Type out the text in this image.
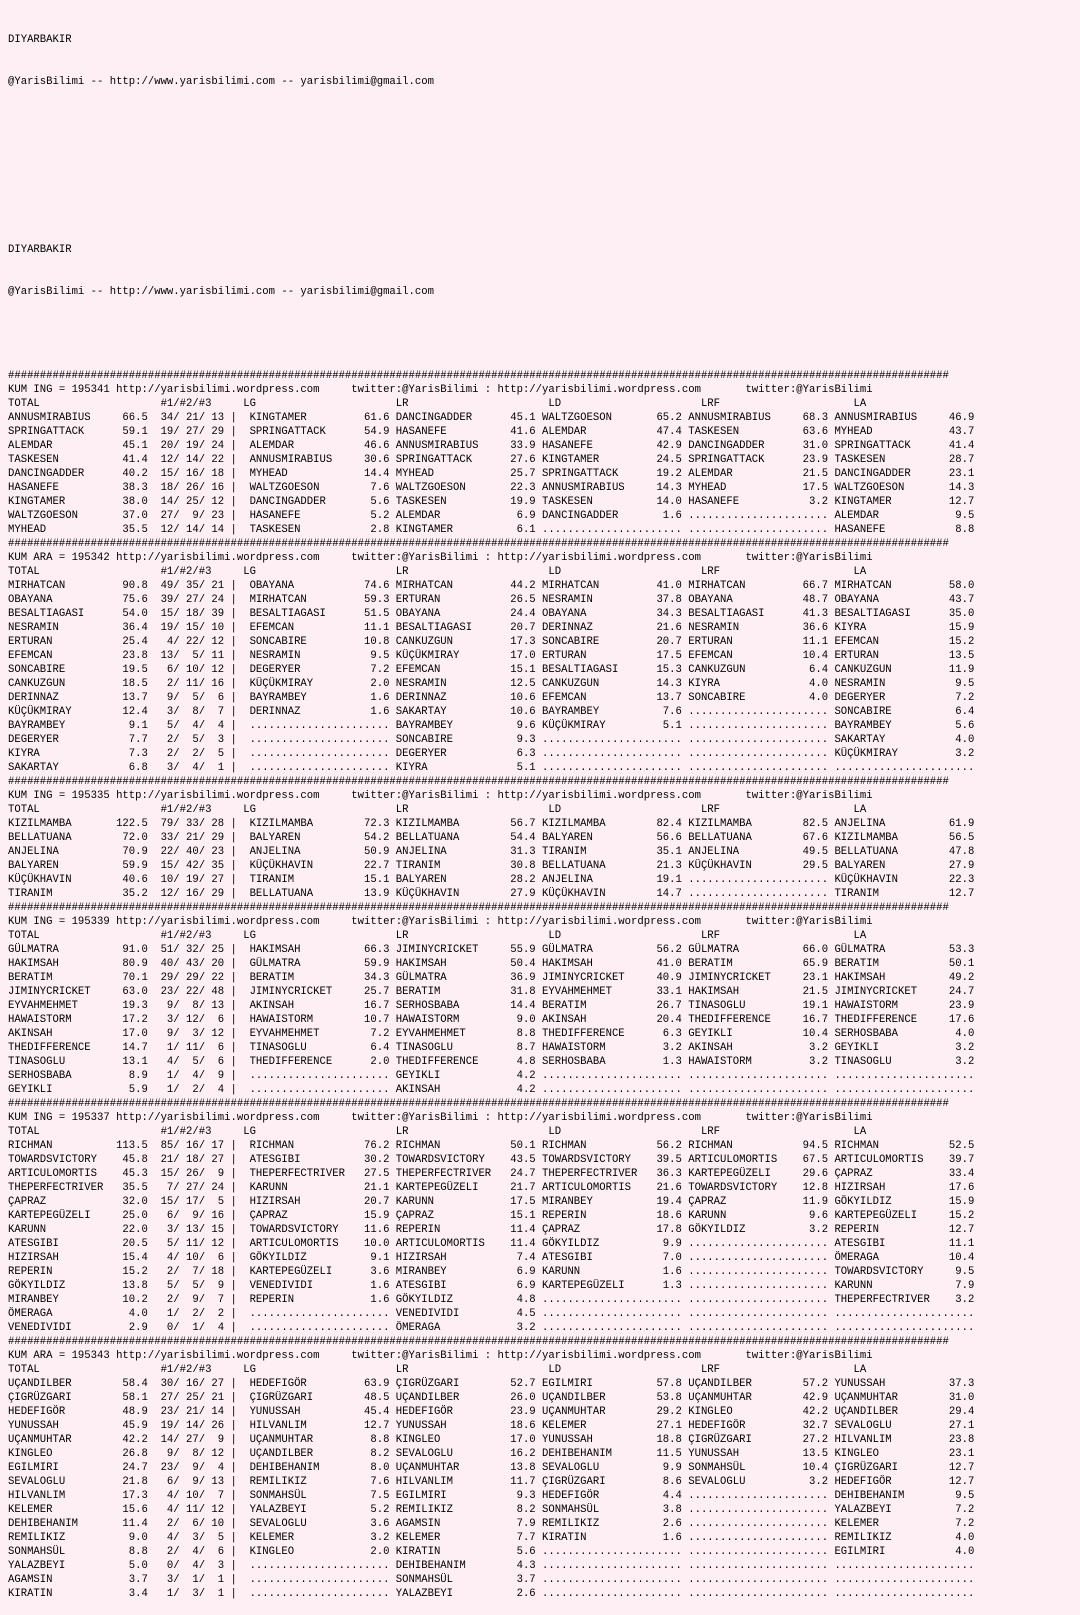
DIYARBAKIR

@YarisBilimi -- http://www.yarisbilimi.com -- yarisbilimi@gmail.com

DIYARBAKIR

@YarisBilimi -- http://www.yarisbilimi.com -- yarisbilimi@gmail.com

####################################################################################################################################################
KUM ING = 195341 http://yarisbilimi.wordpress.com     twitter:@YarisBilimi : http://yarisbilimi.wordpress.com       twitter:@YarisBilimi
TOTAL                   #1/#2/#3     LG                      LR                      LD                      LRF                     LA
ANNUSMIRABIUS     66.5  34/ 21/ 13 |  KINGTAMER         61.6 DANCINGADDER      45.1 WALTZGOESON       65.2 ANNUSMIRABIUS     68.3 ANNUSMIRABIUS     46.9
SPRINGATTACK      59.1  19/ 27/ 29 |  SPRINGATTACK      54.9 HASANEFE          41.6 ALEMDAR           47.4 TASKESEN          63.6 MYHEAD            43.7
ALEMDAR           45.1  20/ 19/ 24 |  ALEMDAR           46.6 ANNUSMIRABIUS     33.9 HASANEFE          42.9 DANCINGADDER      31.0 SPRINGATTACK      41.4
TASKESEN          41.4  12/ 14/ 22 |  ANNUSMIRABIUS     30.6 SPRINGATTACK      27.6 KINGTAMER         24.5 SPRINGATTACK      23.9 TASKESEN          28.7
DANCINGADDER      40.2  15/ 16/ 18 |  MYHEAD            14.4 MYHEAD            25.7 SPRINGATTACK      19.2 ALEMDAR           21.5 DANCINGADDER      23.1
HASANEFE          38.3  18/ 26/ 16 |  WALTZGOESON        7.6 WALTZGOESON       22.3 ANNUSMIRABIUS     14.3 MYHEAD            17.5 WALTZGOESON       14.3
KINGTAMER         38.0  14/ 25/ 12 |  DANCINGADDER       5.6 TASKESEN          19.9 TASKESEN          14.0 HASANEFE           3.2 KINGTAMER         12.7
WALTZGOESON       37.0  27/  9/ 23 |  HASANEFE           5.2 ALEMDAR            6.9 DANCINGADDER       1.6 ...................... ALEMDAR            9.5
MYHEAD            35.5  12/ 14/ 14 |  TASKESEN           2.8 KINGTAMER          6.1 ...................... ...................... HASANEFE           8.8
####################################################################################################################################################
KUM ARA = 195342 http://yarisbilimi.wordpress.com     twitter:@YarisBilimi : http://yarisbilimi.wordpress.com       twitter:@YarisBilimi
TOTAL                   #1/#2/#3     LG                      LR                      LD                      LRF                     LA
MIRHATCAN         90.8  49/ 35/ 21 |  OBAYANA           74.6 MIRHATCAN         44.2 MIRHATCAN         41.0 MIRHATCAN         66.7 MIRHATCAN         58.0
OBAYANA           75.6  39/ 27/ 24 |  MIRHATCAN         59.3 ERTURAN           26.5 NESRAMIN          37.8 OBAYANA           48.7 OBAYANA           43.7
BESALTIAGASI      54.0  15/ 18/ 39 |  BESALTIAGASI      51.5 OBAYANA           24.4 OBAYANA           34.3 BESALTIAGASI      41.3 BESALTIAGASI      35.0
NESRAMIN          36.4  19/ 15/ 10 |  EFEMCAN           11.1 BESALTIAGASI      20.7 DERINNAZ          21.6 NESRAMIN          36.6 KIYRA             15.9
ERTURAN           25.4   4/ 22/ 12 |  SONCABIRE         10.8 CANKUZGUN         17.3 SONCABIRE         20.7 ERTURAN           11.1 EFEMCAN           15.2
EFEMCAN           23.8  13/  5/ 11 |  NESRAMIN           9.5 KÜÇÜKMIRAY        17.0 ERTURAN           17.5 EFEMCAN           10.4 ERTURAN           13.5
SONCABIRE         19.5   6/ 10/ 12 |  DEGERYER           7.2 EFEMCAN           15.1 BESALTIAGASI      15.3 CANKUZGUN          6.4 CANKUZGUN         11.9
CANKUZGUN         18.5   2/ 11/ 16 |  KÜÇÜKMIRAY         2.0 NESRAMIN          12.5 CANKUZGUN         14.3 KIYRA              4.0 NESRAMIN           9.5
DERINNAZ          13.7   9/  5/  6 |  BAYRAMBEY          1.6 DERINNAZ          10.6 EFEMCAN           13.7 SONCABIRE          4.0 DEGERYER           7.2
KÜÇÜKMIRAY        12.4   3/  8/  7 |  DERINNAZ           1.6 SAKARTAY          10.6 BAYRAMBEY          7.6 ...................... SONCABIRE          6.4
BAYRAMBEY          9.1   5/  4/  4 |  ...................... BAYRAMBEY          9.6 KÜÇÜKMIRAY         5.1 ...................... BAYRAMBEY          5.6
DEGERYER           7.7   2/  5/  3 |  ...................... SONCABIRE          9.3 ...................... ...................... SAKARTAY           4.0
KIYRA              7.3   2/  2/  5 |  ...................... DEGERYER           6.3 ...................... ...................... KÜÇÜKMIRAY         3.2
SAKARTAY           6.8   3/  4/  1 |  ...................... KIYRA              5.1 ...................... ...................... ......................
####################################################################################################################################################
KUM ING = 195335 http://yarisbilimi.wordpress.com     twitter:@YarisBilimi : http://yarisbilimi.wordpress.com       twitter:@YarisBilimi
TOTAL                   #1/#2/#3     LG                      LR                      LD                      LRF                     LA
KIZILMAMBA       122.5  79/ 33/ 28 |  KIZILMAMBA        72.3 KIZILMAMBA        56.7 KIZILMAMBA        82.4 KIZILMAMBA        82.5 ANJELINA          61.9
BELLATUANA        72.0  33/ 21/ 29 |  BALYAREN          54.2 BELLATUANA        54.4 BALYAREN          56.6 BELLATUANA        67.6 KIZILMAMBA        56.5
ANJELINA          70.9  22/ 40/ 23 |  ANJELINA          50.9 ANJELINA          31.3 TIRANIM           35.1 ANJELINA          49.5 BELLATUANA        47.8
BALYAREN          59.9  15/ 42/ 35 |  KÜÇÜKHAVIN        22.7 TIRANIM           30.8 BELLATUANA        21.3 KÜÇÜKHAVIN        29.5 BALYAREN          27.9
KÜÇÜKHAVIN        40.6  10/ 19/ 27 |  TIRANIM           15.1 BALYAREN          28.2 ANJELINA          19.1 ...................... KÜÇÜKHAVIN        22.3
TIRANIM           35.2  12/ 16/ 29 |  BELLATUANA        13.9 KÜÇÜKHAVIN        27.9 KÜÇÜKHAVIN        14.7 ...................... TIRANIM           12.7
####################################################################################################################################################
KUM ING = 195339 http://yarisbilimi.wordpress.com     twitter:@YarisBilimi : http://yarisbilimi.wordpress.com       twitter:@YarisBilimi
TOTAL                   #1/#2/#3     LG                      LR                      LD                      LRF                     LA
GÜLMATRA          91.0  51/ 32/ 25 |  HAKIMSAH          66.3 JIMINYCRICKET     55.9 GÜLMATRA          56.2 GÜLMATRA          66.0 GÜLMATRA          53.3
HAKIMSAH          80.9  40/ 43/ 20 |  GÜLMATRA          59.9 HAKIMSAH          50.4 HAKIMSAH          41.0 BERATIM           65.9 BERATIM           50.1
BERATIM           70.1  29/ 29/ 22 |  BERATIM           34.3 GÜLMATRA          36.9 JIMINYCRICKET     40.9 JIMINYCRICKET     23.1 HAKIMSAH          49.2
JIMINYCRICKET     63.0  23/ 22/ 48 |  JIMINYCRICKET     25.7 BERATIM           31.8 EYVAHMEHMET       33.1 HAKIMSAH          21.5 JIMINYCRICKET     24.7
EYVAHMEHMET       19.3   9/  8/ 13 |  AKINSAH           16.7 SERHOSBABA        14.4 BERATIM           26.7 TINASOGLU         19.1 HAWAISTORM        23.9
HAWAISTORM        17.2   3/ 12/  6 |  HAWAISTORM        10.7 HAWAISTORM         9.0 AKINSAH           20.4 THEDIFFERENCE     16.7 THEDIFFERENCE     17.6
AKINSAH           17.0   9/  3/ 12 |  EYVAHMEHMET        7.2 EYVAHMEHMET        8.8 THEDIFFERENCE      6.3 GEYIKLI           10.4 SERHOSBABA         4.0
THEDIFFERENCE     14.7   1/ 11/  6 |  TINASOGLU          6.4 TINASOGLU          8.7 HAWAISTORM         3.2 AKINSAH            3.2 GEYIKLI            3.2
TINASOGLU         13.1   4/  5/  6 |  THEDIFFERENCE      2.0 THEDIFFERENCE      4.8 SERHOSBABA         1.3 HAWAISTORM         3.2 TINASOGLU          3.2
SERHOSBABA         8.9   1/  4/  9 |  ...................... GEYIKLI            4.2 ...................... ...................... ......................
GEYIKLI            5.9   1/  2/  4 |  ...................... AKINSAH            4.2 ...................... ...................... ......................
####################################################################################################################################################
KUM ING = 195337 http://yarisbilimi.wordpress.com     twitter:@YarisBilimi : http://yarisbilimi.wordpress.com       twitter:@YarisBilimi
TOTAL                   #1/#2/#3     LG                      LR                      LD                      LRF                     LA
RICHMAN          113.5  85/ 16/ 17 |  RICHMAN           76.2 RICHMAN           50.1 RICHMAN           56.2 RICHMAN           94.5 RICHMAN           52.5
TOWARDSVICTORY    45.8  21/ 18/ 27 |  ATESGIBI          30.2 TOWARDSVICTORY    43.5 TOWARDSVICTORY    39.5 ARTICULOMORTIS    67.5 ARTICULOMORTIS    39.7
ARTICULOMORTIS    45.3  15/ 26/  9 |  THEPERFECTRIVER   27.5 THEPERFECTRIVER   24.7 THEPERFECTRIVER   36.3 KARTEPEGÜZELI     29.6 ÇAPRAZ            33.4
THEPERFECTRIVER   35.5   7/ 27/ 24 |  KARUNN            21.1 KARTEPEGÜZELI     21.7 ARTICULOMORTIS    21.6 TOWARDSVICTORY    12.8 HIZIRSAH          17.6
ÇAPRAZ            32.0  15/ 17/  5 |  HIZIRSAH          20.7 KARUNN            17.5 MIRANBEY          19.4 ÇAPRAZ            11.9 GÖKYILDIZ         15.9
KARTEPEGÜZELI     25.0   6/  9/ 16 |  ÇAPRAZ            15.9 ÇAPRAZ            15.1 REPERIN           18.6 KARUNN             9.6 KARTEPEGÜZELI     15.2
KARUNN            22.0   3/ 13/ 15 |  TOWARDSVICTORY    11.6 REPERIN           11.4 ÇAPRAZ            17.8 GÖKYILDIZ          3.2 REPERIN           12.7
ATESGIBI          20.5   5/ 11/ 12 |  ARTICULOMORTIS    10.0 ARTICULOMORTIS    11.4 GÖKYILDIZ          9.9 ...................... ATESGIBI          11.1
HIZIRSAH          15.4   4/ 10/  6 |  GÖKYILDIZ          9.1 HIZIRSAH           7.4 ATESGIBI           7.0 ...................... ÖMERAGA           10.4
REPERIN           15.2   2/  7/ 18 |  KARTEPEGÜZELI      3.6 MIRANBEY           6.9 KARUNN             1.6 ...................... TOWARDSVICTORY     9.5
GÖKYILDIZ         13.8   5/  5/  9 |  VENEDIVIDI         1.6 ATESGIBI           6.9 KARTEPEGÜZELI      1.3 ...................... KARUNN             7.9
MIRANBEY          10.2   2/  9/  7 |  REPERIN            1.6 GÖKYILDIZ          4.8 ...................... ...................... THEPERFECTRIVER    3.2
ÖMERAGA            4.0   1/  2/  2 |  ...................... VENEDIVIDI         4.5 ...................... ...................... ......................
VENEDIVIDI         2.9   0/  1/  4 |  ...................... ÖMERAGA            3.2 ...................... ...................... ......................
####################################################################################################################################################
KUM ARA = 195343 http://yarisbilimi.wordpress.com     twitter:@YarisBilimi : http://yarisbilimi.wordpress.com       twitter:@YarisBilimi
TOTAL                   #1/#2/#3     LG                      LR                      LD                      LRF                     LA
UÇANDILBER        58.4  30/ 16/ 27 |  HEDEFIGÖR         63.9 ÇIGRÜZGARI        52.7 EGILMIRI          57.8 UÇANDILBER        57.2 YUNUSSAH          37.3
ÇIGRÜZGARI        58.1  27/ 25/ 21 |  ÇIGRÜZGARI        48.5 UÇANDILBER        26.0 UÇANDILBER        53.8 UÇANMUHTAR        42.9 UÇANMUHTAR        31.0
HEDEFIGÖR         48.9  23/ 21/ 14 |  YUNUSSAH          45.4 HEDEFIGÖR         23.9 UÇANMUHTAR        29.2 KINGLEO           42.2 UÇANDILBER        29.4
YUNUSSAH          45.9  19/ 14/ 26 |  HILVANLIM         12.7 YUNUSSAH          18.6 KELEMER           27.1 HEDEFIGÖR         32.7 SEVALOGLU         27.1
UÇANMUHTAR        42.2  14/ 27/  9 |  UÇANMUHTAR         8.8 KINGLEO           17.0 YUNUSSAH          18.8 ÇIGRÜZGARI        27.2 HILVANLIM         23.8
KINGLEO           26.8   9/  8/ 12 |  UÇANDILBER         8.2 SEVALOGLU         16.2 DEHIBEHANIM       11.5 YUNUSSAH          13.5 KINGLEO           23.1
EGILMIRI          24.7  23/  9/  4 |  DEHIBEHANIM        8.0 UÇANMUHTAR        13.8 SEVALOGLU          9.9 SONMAHSÜL         10.4 ÇIGRÜZGARI        12.7
SEVALOGLU         21.8   6/  9/ 13 |  REMILIKIZ          7.6 HILVANLIM         11.7 ÇIGRÜZGARI         8.6 SEVALOGLU          3.2 HEDEFIGÖR         12.7
HILVANLIM         17.3   4/ 10/  7 |  SONMAHSÜL          7.5 EGILMIRI           9.3 HEDEFIGÖR          4.4 ...................... DEHIBEHANIM        9.5
KELEMER           15.6   4/ 11/ 12 |  YALAZBEYI          5.2 REMILIKIZ          8.2 SONMAHSÜL          3.8 ...................... YALAZBEYI          7.2
DEHIBEHANIM       11.4   2/  6/ 10 |  SEVALOGLU          3.6 AGAMSIN            7.9 REMILIKIZ          2.6 ...................... KELEMER            7.2
REMILIKIZ          9.0   4/  3/  5 |  KELEMER            3.2 KELEMER            7.7 KIRATIN            1.6 ...................... REMILIKIZ          4.0
SONMAHSÜL          8.8   2/  4/  6 |  KINGLEO            2.0 KIRATIN            5.6 ...................... ...................... EGILMIRI           4.0
YALAZBEYI          5.0   0/  4/  3 |  ...................... DEHIBEHANIM        4.3 ...................... ...................... ......................
AGAMSIN            3.7   3/  1/  1 |  ...................... SONMAHSÜL          3.7 ...................... ...................... ......................
KIRATIN            3.4   1/  3/  1 |  ...................... YALAZBEYI          2.6 ...................... ...................... ......................
